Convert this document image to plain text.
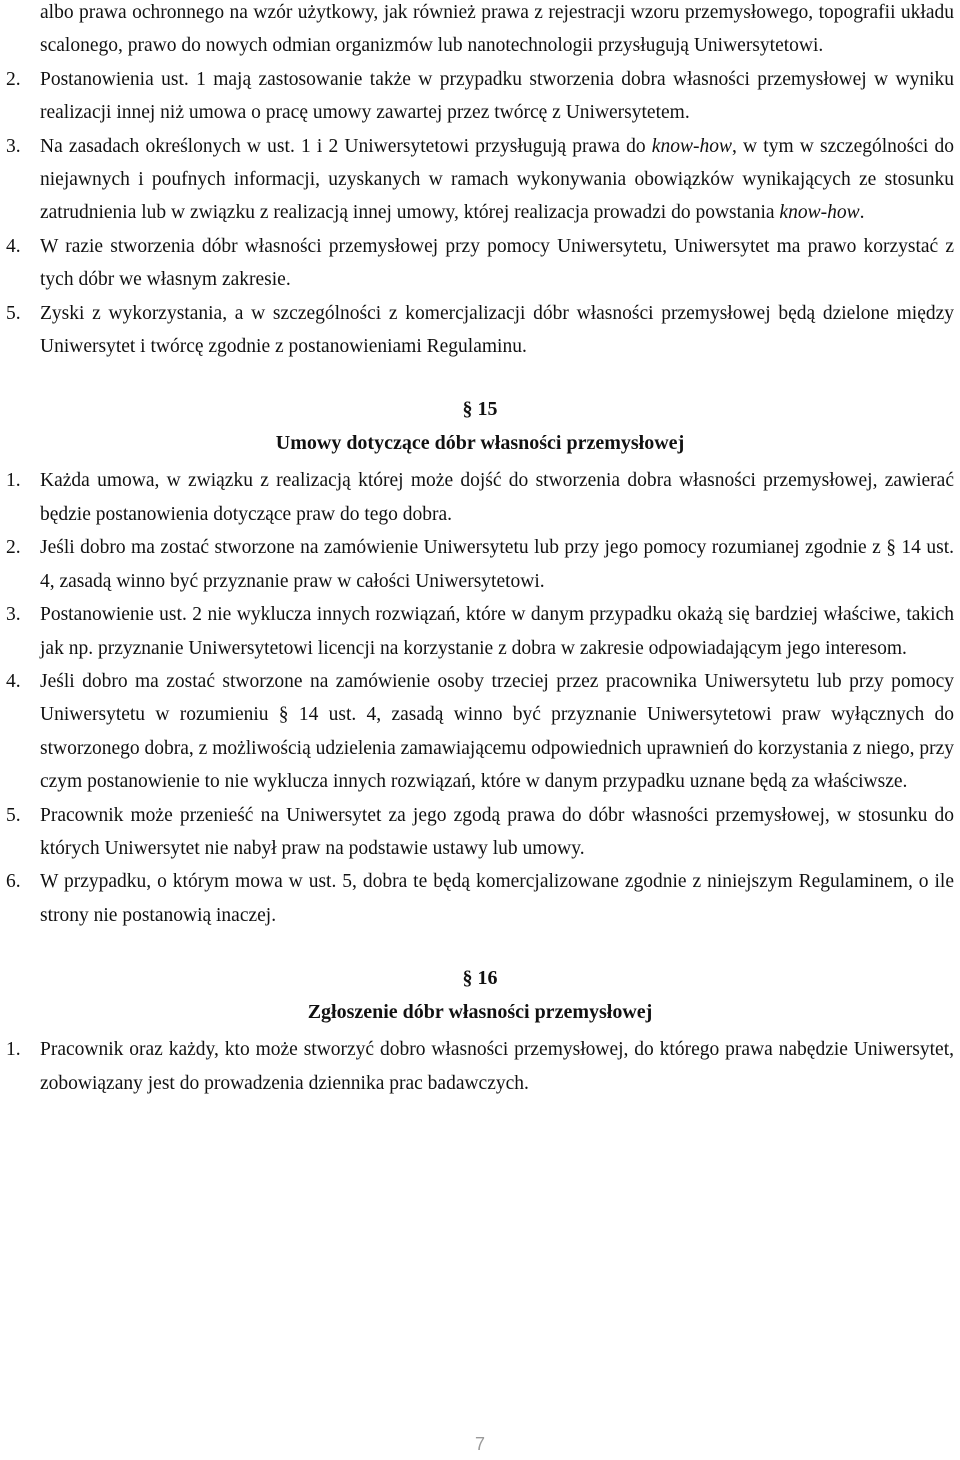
albo prawa ochronnego na wzór użytkowy, jak również prawa z rejestracji wzoru przemysłowego, topografii układu scalonego, prawo do nowych odmian organizmów lub nanotechnologii przysługują Uniwersytetowi.
2. Postanowienia ust. 1 mają zastosowanie także w przypadku stworzenia dobra własności przemysłowej w wyniku realizacji innej niż umowa o pracę umowy zawartej przez twórcę z Uniwersytetem.
3. Na zasadach określonych w ust. 1 i 2 Uniwersytetowi przysługują prawa do know-how, w tym w szczególności do niejawnych i poufnych informacji, uzyskanych w ramach wykonywania obowiązków wynikających ze stosunku zatrudnienia lub w związku z realizacją innej umowy, której realizacja prowadzi do powstania know-how.
4. W razie stworzenia dóbr własności przemysłowej przy pomocy Uniwersytetu, Uniwersytet ma prawo korzystać z tych dóbr we własnym zakresie.
5. Zyski z wykorzystania, a w szczególności z komercjalizacji dóbr własności przemysłowej będą dzielone między Uniwersytet i twórcę zgodnie z postanowieniami Regulaminu.
§ 15
Umowy dotyczące dóbr własności przemysłowej
1. Każda umowa, w związku z realizacją której może dojść do stworzenia dobra własności przemysłowej, zawierać będzie postanowienia dotyczące praw do tego dobra.
2. Jeśli dobro ma zostać stworzone na zamówienie Uniwersytetu lub przy jego pomocy rozumianej zgodnie z § 14 ust. 4, zasadą winno być przyznanie praw w całości Uniwersytetowi.
3. Postanowienie ust. 2 nie wyklucza innych rozwiązań, które w danym przypadku okażą się bardziej właściwe, takich jak np. przyznanie Uniwersytetowi licencji na korzystanie z dobra w zakresie odpowiadającym jego interesom.
4. Jeśli dobro ma zostać stworzone na zamówienie osoby trzeciej przez pracownika Uniwersytetu lub przy pomocy Uniwersytetu w rozumieniu § 14 ust. 4, zasadą winno być przyznanie Uniwersytetowi praw wyłącznych do stworzonego dobra, z możliwością udzielenia zamawiającemu odpowiednich uprawnień do korzystania z niego, przy czym postanowienie to nie wyklucza innych rozwiązań, które w danym przypadku uznane będą za właściwsze.
5. Pracownik może przenieść na Uniwersytet za jego zgodą prawa do dóbr własności przemysłowej, w stosunku do których Uniwersytet nie nabył praw na podstawie ustawy lub umowy.
6. W przypadku, o którym mowa w ust. 5, dobra te będą komercjalizowane zgodnie z niniejszym Regulaminem, o ile strony nie postanowią inaczej.
§ 16
Zgłoszenie dóbr własności przemysłowej
1. Pracownik oraz każdy, kto może stworzyć dobro własności przemysłowej, do którego prawa nabędzie Uniwersytet, zobowiązany jest do prowadzenia dziennika prac badawczych.
7
